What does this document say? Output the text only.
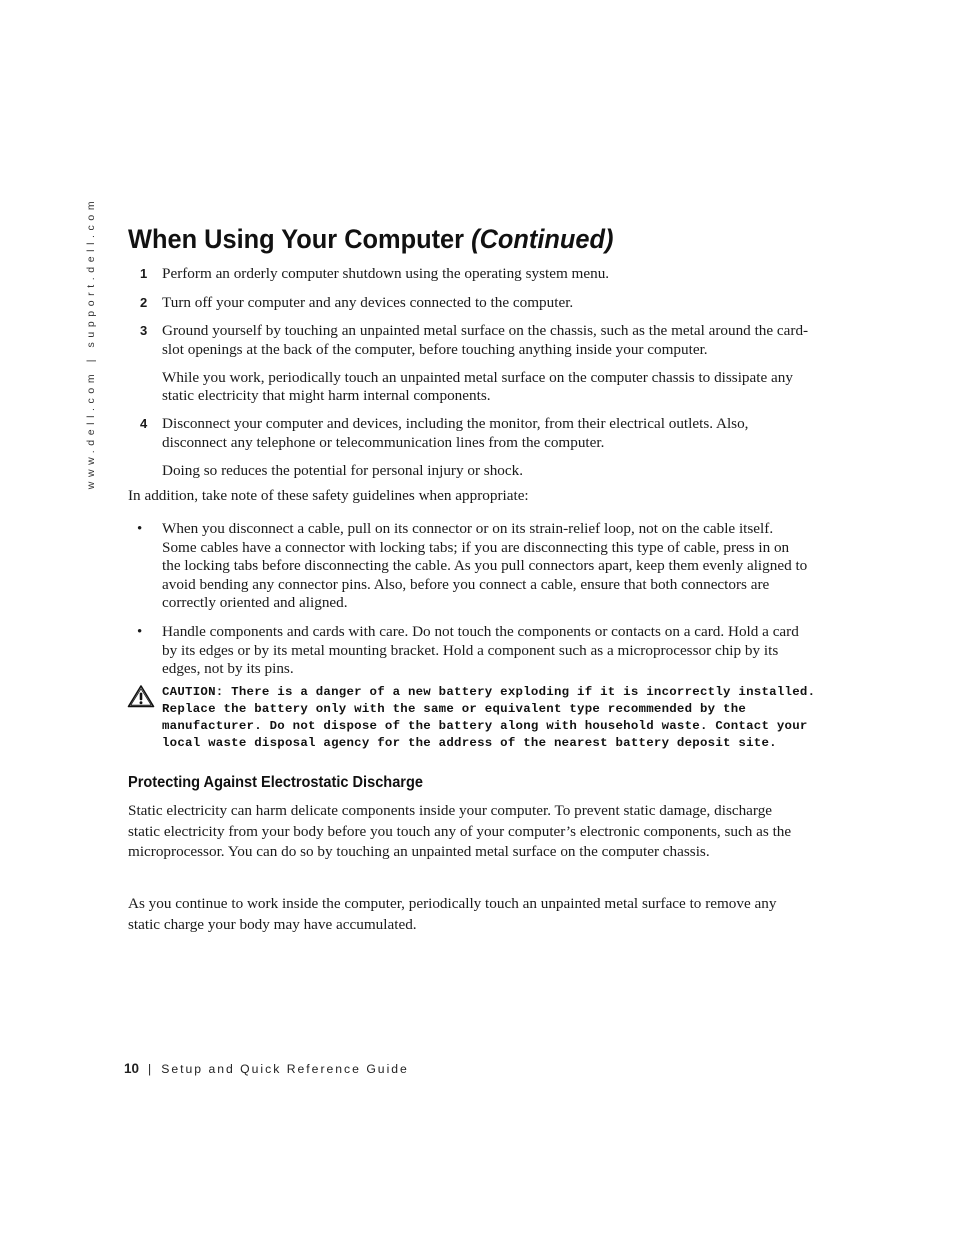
www.dell.com | support.dell.com When Using Your Computer (Continued)
1 Perform an orderly computer shutdown using the operating system menu.
2 Turn off your computer and any devices connected to the computer.
3 Ground yourself by touching an unpainted metal surface on the chassis, such as the metal around the card-slot openings at the back of the computer, before touching anything inside your computer.
While you work, periodically touch an unpainted metal surface on the computer chassis to dissipate any static electricity that might harm internal components.
4 Disconnect your computer and devices, including the monitor, from their electrical outlets. Also, disconnect any telephone or telecommunication lines from the computer.
Doing so reduces the potential for personal injury or shock.
In addition, take note of these safety guidelines when appropriate:
• When you disconnect a cable, pull on its connector or on its strain-relief loop, not on the cable itself. Some cables have a connector with locking tabs; if you are disconnecting this type of cable, press in on the locking tabs before disconnecting the cable. As you pull connectors apart, keep them evenly aligned to avoid bending any connector pins. Also, before you connect a cable, ensure that both connectors are correctly oriented and aligned.
• Handle components and cards with care. Do not touch the components or contacts on a card. Hold a card by its edges or by its metal mounting bracket. Hold a component such as a microprocessor chip by its edges, not by its pins.
CAUTION: There is a danger of a new battery exploding if it is incorrectly installed. Replace the battery only with the same or equivalent type recommended by the manufacturer. Do not dispose of the battery along with household waste. Contact your local waste disposal agency for the address of the nearest battery deposit site.
Protecting Against Electrostatic Discharge
Static electricity can harm delicate components inside your computer. To prevent static damage, discharge static electricity from your body before you touch any of your computer’s electronic components, such as the microprocessor. You can do so by touching an unpainted metal surface on the computer chassis.
As you continue to work inside the computer, periodically touch an unpainted metal surface to remove any static charge your body may have accumulated.
10 | Setup and Quick Reference Guide
